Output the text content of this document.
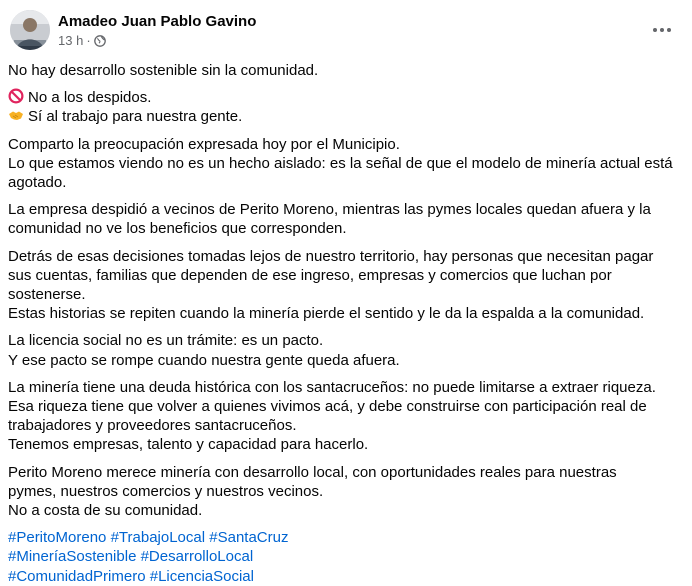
Amadeo Juan Pablo Gavino
13 h ·

No hay desarrollo sostenible sin la comunidad.

No a los despidos.
Sí al trabajo para nuestra gente.

Comparto la preocupación expresada hoy por el Municipio.
Lo que estamos viendo no es un hecho aislado: es la señal de que el modelo de minería actual está
agotado.

La empresa despidió a vecinos de Perito Moreno, mientras las pymes locales quedan afuera y la
comunidad no ve los beneficios que corresponden.

Detrás de esas decisiones tomadas lejos de nuestro territorio, hay personas que necesitan pagar
sus cuentas, familias que dependen de ese ingreso, empresas y comercios que luchan por
sostenerse.
Estas historias se repiten cuando la minería pierde el sentido y le da la espalda a la comunidad.

La licencia social no es un trámite: es un pacto.
Y ese pacto se rompe cuando nuestra gente queda afuera.

La minería tiene una deuda histórica con los santacruceños: no puede limitarse a extraer riqueza.
Esa riqueza tiene que volver a quienes vivimos acá, y debe construirse con participación real de
trabajadores y proveedores santacruceños.
Tenemos empresas, talento y capacidad para hacerlo.

Perito Moreno merece minería con desarrollo local, con oportunidades reales para nuestras
pymes, nuestros comercios y nuestros vecinos.
No a costa de su comunidad.

#PeritoMoreno #TrabajoLocal #SantaCruz
#MineríaSostenible #DesarrolloLocal
#ComunidadPrimero #LicenciaSocial
